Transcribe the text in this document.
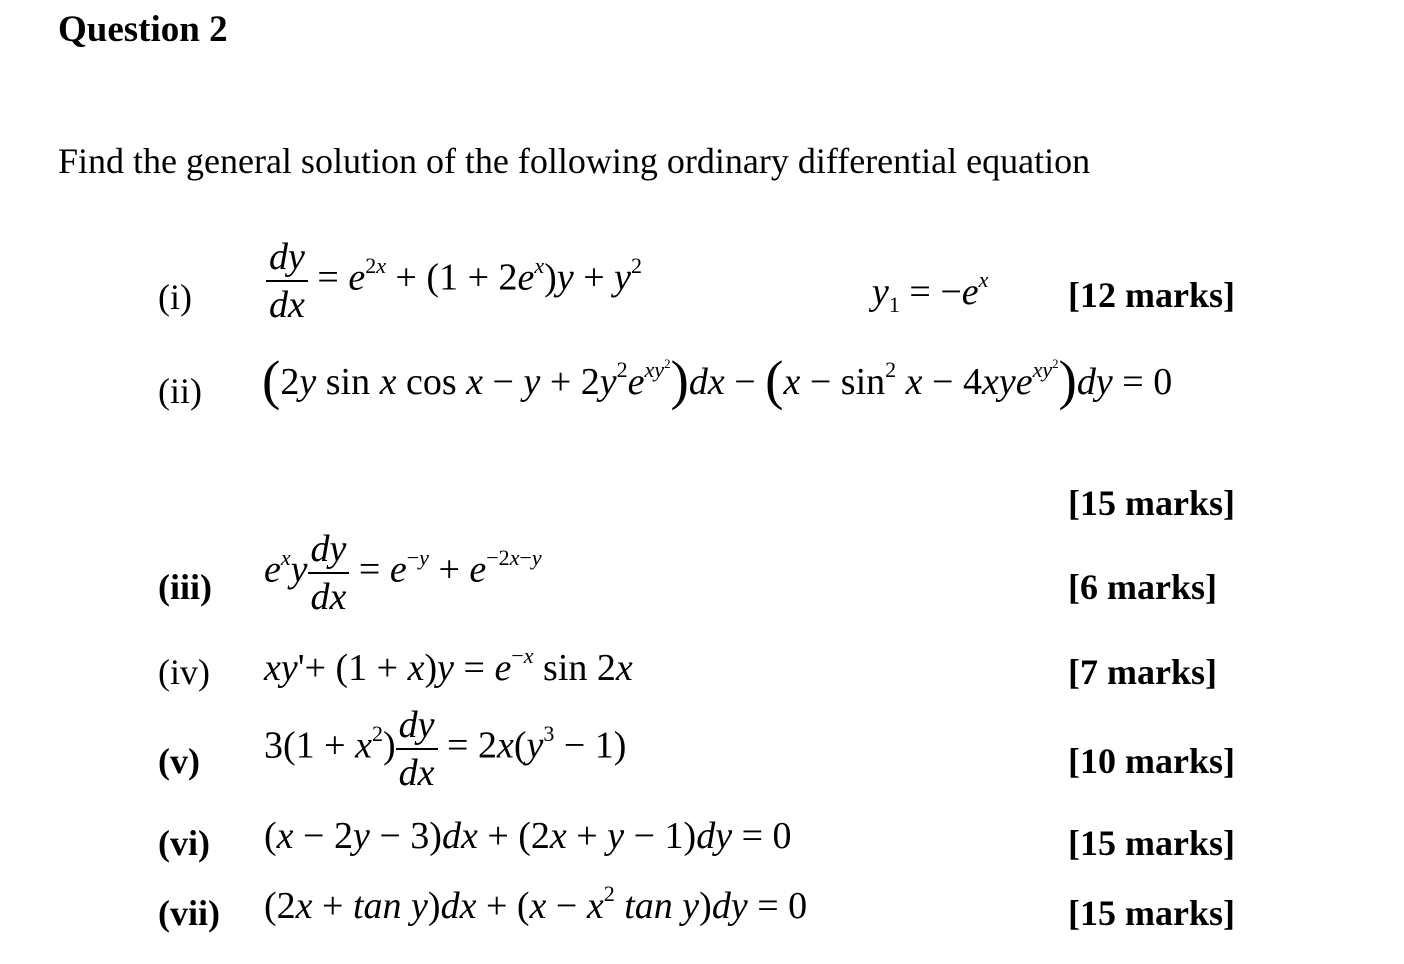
Question 2
Find the general solution of the following ordinary differential equation
$(i) \frac{dy}{dx} = e^{2x} + (1 + 2e^x)y + y^2$
$y_1 = -e^x$ [12 marks]
(ii) (2y sin x $\cos x - y + 2y^2e^{xy^2})dx - (x - \sin^2 x - 4xye^{xy^2})dy = 0$
[15 marks]
(iii) $e^xy \frac{dy}{dx} = e^{-y} + e^{-2x-y}$
[6 marks]
(iv) $xy'+ (1 + x)y = e^{-x}$ sin 2x	[7 marks]
(v) $3(1 + x^2) \frac{dy}{dx} = 2x(y^3 - 1)$	[10 marks]
(vi) (x − 2y − 3)dx + (2x + y − 1)dy = 0	[15 marks]
(vii) $(2x + \tan y)dx + (x - x^2$ tan y)dy = 0	[15 marks]
